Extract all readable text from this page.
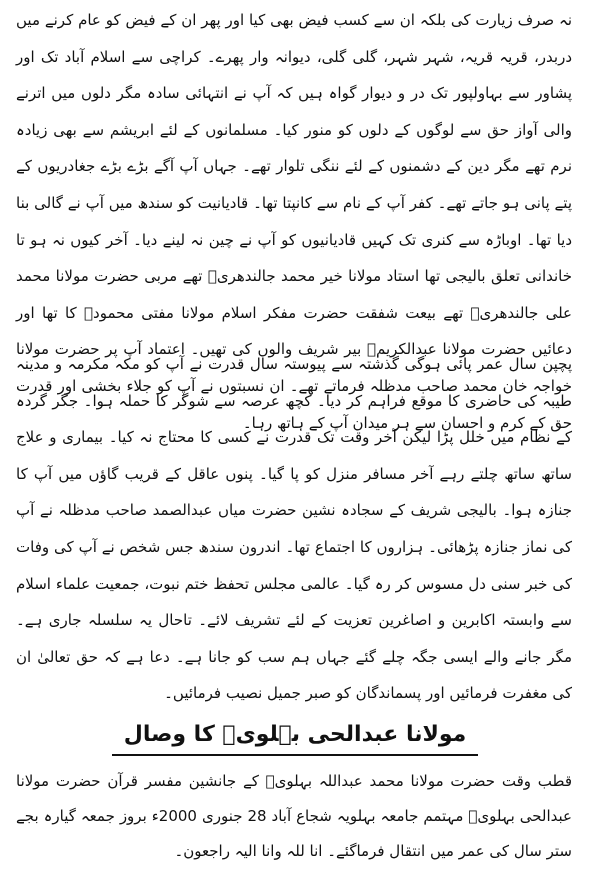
نہ صرف زیارت کی بلکہ ان سے کسب فیض بھی کیا اور پھر ان کے فیض کو عام کرنے میں دربدر، قریہ قریہ، شہر شہر، گلی گلی، دیوانہ وار پھرے۔ کراچی سے اسلام آباد تک اور پشاور سے بہاولپور تک در و دیوار گواہ ہیں کہ آپ نے انتہائی سادہ مگر دلوں میں اترنے والی آواز حق سے لوگوں کے دلوں کو منور کیا۔ مسلمانوں کے لئے ابریشم سے بھی زیادہ نرم تھے مگر دین کے دشمنوں کے لئے ننگی تلوار تھے۔ جہاں آپ آگے بڑے بڑے جغادریوں کے پتے پانی ہو جاتے تھے۔ کفر آپ کے نام سے کانپتا تھا۔ قادیانیت کو سندھ میں آپ نے گالی بنا دیا تھا۔ اوباڑہ سے کنری تک کہیں قادیانیوں کو آپ نے چین نہ لینے دیا۔ آخر کیوں نہ ہو تا خاندانی تعلق بالیجی تھا استاد مولانا خیر محمد جالندھریؒ تھے مربی حضرت مولانا محمد علی جالندھریؒ تھے بیعت شفقت حضرت مفکر اسلام مولانا مفتی محمودؒ کا تھا اور دعائیں حضرت مولانا عبدالکریمؒ بیر شریف والوں کی تھیں۔ اعتماد آپ پر حضرت مولانا خواجہ خان محمد صاحب مدظلہ فرماتے تھے۔ ان نسبتوں نے آپ کو جلاء بخشی اور قدرت حق کے کرم و احسان سے ہر میدان آپ کے ہاتھ رہا۔

پچپن سال عمر پائی ہوگی گذشتہ سے پیوستہ سال قدرت نے آپ کو مکہ مکرمہ و مدینہ طیبہ کی حاضری کا موقع فراہم کر دیا۔ کچھ عرصہ سے شوگر کا حملہ ہوا۔ جگر گردہ کے نظام میں خلل پڑا لیکن آخر وقت تک قدرت نے کسی کا محتاج نہ کیا۔ بیماری و علاج ساتھ ساتھ چلتے رہے آخر مسافر منزل کو پا گیا۔ پنوں عاقل کے قریب گاؤں میں آپ کا جنازہ ہوا۔ بالیجی شریف کے سجادہ نشین حضرت میاں عبدالصمد صاحب مدظلہ نے آپ کی نماز جنازہ پڑھائی۔ ہزاروں کا اجتماع تھا۔ اندرون سندھ جس شخص نے آپ کی وفات کی خبر سنی دل مسوس کر رہ گیا۔ عالمی مجلس تحفظ ختم نبوت، جمعیت علماء اسلام سے وابستہ اکابرین و اصاغرین تعزیت کے لئے تشریف لائے۔ تاحال یہ سلسلہ جاری ہے۔ مگر جانے والے ایسی جگہ چلے گئے جہاں ہم سب کو جانا ہے۔ دعا ہے کہ حق تعالیٰ ان کی مغفرت فرمائیں اور پسماندگان کو صبر جمیل نصیب فرمائیں۔

مولانا عبدالحی بہلویؒ کا وصال

قطب وقت حضرت مولانا محمد عبداللہ بہلویؒ کے جانشین مفسر قرآن حضرت مولانا عبدالحی بہلویؒ مہتمم جامعہ بہلویہ شجاع آباد 28 جنوری 2000ء بروز جمعہ گیارہ بجے ستر سال کی عمر میں انتقال فرماگئے۔ انا للہ وانا الیہ راجعون۔
